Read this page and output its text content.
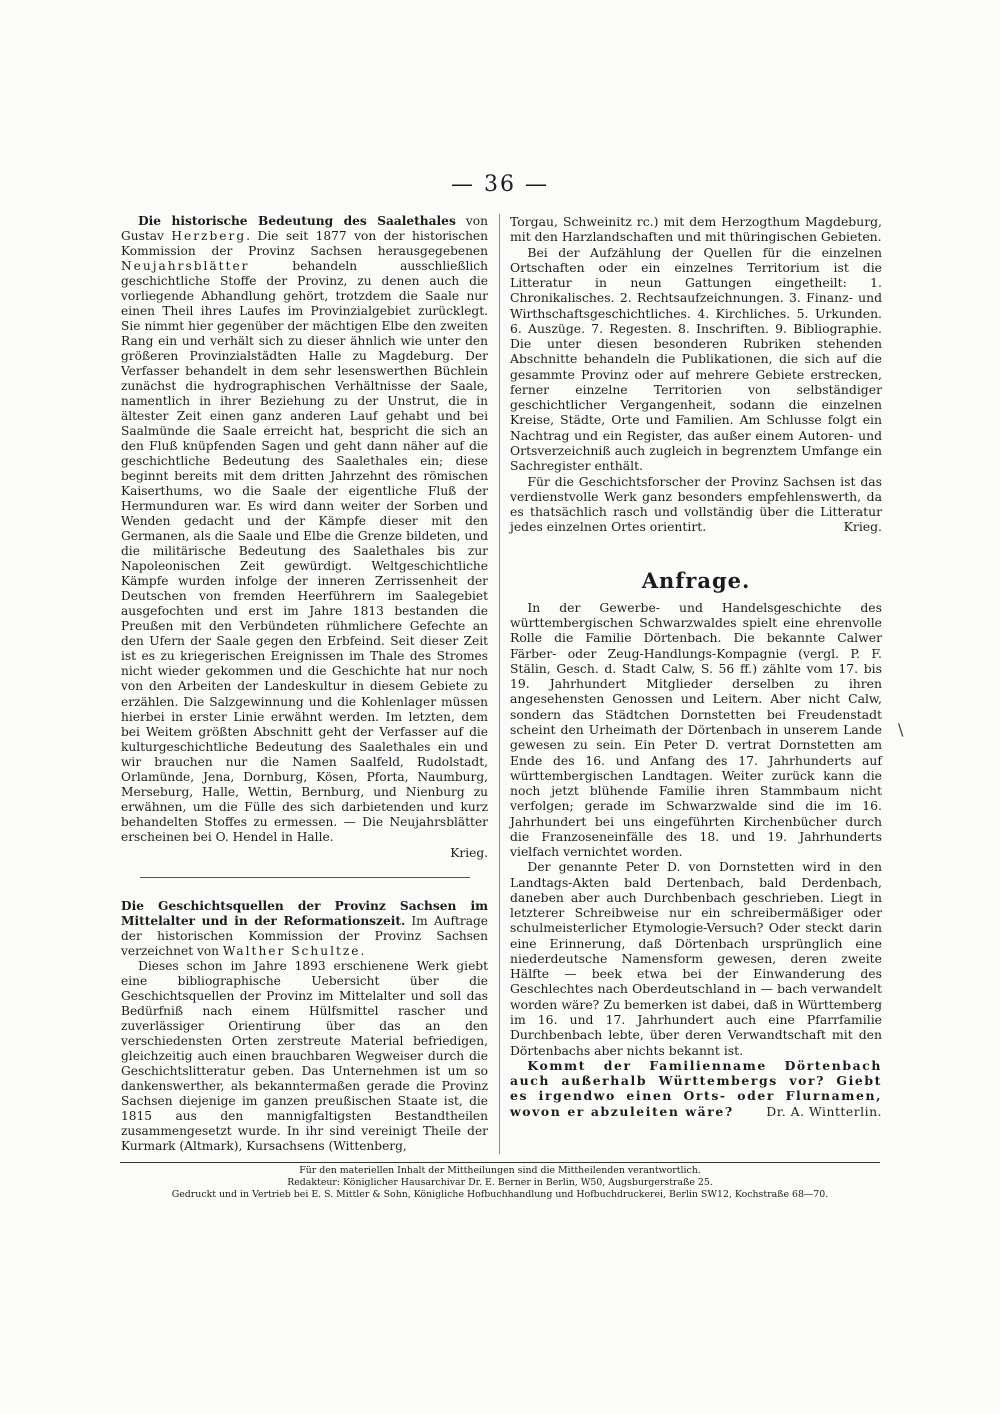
— 36 —

Die historische Bedeutung des Saalethales von Gustav Herzberg. Die seit 1877 von der historischen Kommission der Provinz Sachsen herausgegebenen Neujahrsblätter behandeln ausschließlich geschichtliche Stoffe der Provinz, zu denen auch die vorliegende Abhandlung gehört, trotzdem die Saale nur einen Theil ihres Laufes im Provinzialgebiet zurücklegt. Sie nimmt hier gegenüber der mächtigen Elbe den zweiten Rang ein und verhält sich zu dieser ähnlich wie unter den größeren Provinzialstädten Halle zu Magdeburg. Der Verfasser behandelt in dem sehr lesenswerthen Büchlein zunächst die hydrographischen Verhältnisse der Saale, namentlich in ihrer Beziehung zu der Unstrut, die in ältester Zeit einen ganz anderen Lauf gehabt und bei Saalmünde die Saale erreicht hat, bespricht die sich an den Fluß knüpfenden Sagen und geht dann näher auf die geschichtliche Bedeutung des Saalethales ein; diese beginnt bereits mit dem dritten Jahrzehnt des römischen Kaiserthums, wo die Saale der eigentliche Fluß der Hermunduren war. Es wird dann weiter der Sorben und Wenden gedacht und der Kämpfe dieser mit den Germanen, als die Saale und Elbe die Grenze bildeten, und die militärische Bedeutung des Saalethales bis zur Napoleonischen Zeit gewürdigt. Weltgeschichtliche Kämpfe wurden infolge der inneren Zerrissenheit der Deutschen von fremden Heerführern im Saalegebiet ausgefochten und erst im Jahre 1813 bestanden die Preußen mit den Verbündeten rühmlichere Gefechte an den Ufern der Saale gegen den Erbfeind. Seit dieser Zeit ist es zu kriegerischen Ereignissen im Thale des Stromes nicht wieder gekommen und die Geschichte hat nur noch von den Arbeiten der Landeskultur in diesem Gebiete zu erzählen. Die Salzgewinnung und die Kohlenlager müssen hierbei in erster Linie erwähnt werden. Im letzten, dem bei Weitem größten Abschnitt geht der Verfasser auf die kulturgeschichtliche Bedeutung des Saalethales ein und wir brauchen nur die Namen Saalfeld, Rudolstadt, Orlamünde, Jena, Dornburg, Kösen, Pforta, Naumburg, Merseburg, Halle, Wettin, Bernburg, und Nienburg zu erwähnen, um die Fülle des sich darbietenden und kurz behandelten Stoffes zu ermessen. — Die Neujahrsblätter erscheinen bei O. Hendel in Halle.

Krieg.

Die Geschichtsquellen der Provinz Sachsen im Mittelalter und in der Reformationszeit. Im Auftrage der historischen Kommission der Provinz Sachsen verzeichnet von Walther Schultze.

Dieses schon im Jahre 1893 erschienene Werk giebt eine bibliographische Uebersicht über die Geschichtsquellen der Provinz im Mittelalter und soll das Bedürfniß nach einem Hülfsmittel rascher und zuverlässiger Orientirung über das an den verschiedensten Orten zerstreute Material befriedigen, gleichzeitig auch einen brauchbaren Wegweiser durch die Geschichtslitteratur geben. Das Unternehmen ist um so dankenswerther, als bekanntermaßen gerade die Provinz Sachsen diejenige im ganzen preußischen Staate ist, die 1815 aus den mannigfaltigsten Bestandtheilen zusammengesetzt wurde. In ihr sind vereinigt Theile der Kurmark (Altmark), Kursachsens (Wittenberg,

Torgau, Schweinitz rc.) mit dem Herzogthum Magdeburg, mit den Harzlandschaften und mit thüringischen Gebieten.

Bei der Aufzählung der Quellen für die einzelnen Ortschaften oder ein einzelnes Territorium ist die Litteratur in neun Gattungen eingetheilt: 1. Chronikalisches. 2. Rechtsaufzeichnungen. 3. Finanz- und Wirthschaftsgeschichtliches. 4. Kirchliches. 5. Urkunden. 6. Auszüge. 7. Regesten. 8. Inschriften. 9. Bibliographie. Die unter diesen besonderen Rubriken stehenden Abschnitte behandeln die Publikationen, die sich auf die gesammte Provinz oder auf mehrere Gebiete erstrecken, ferner einzelne Territorien von selbständiger geschichtlicher Vergangenheit, sodann die einzelnen Kreise, Städte, Orte und Familien. Am Schlusse folgt ein Nachtrag und ein Register, das außer einem Autoren- und Ortsverzeichniß auch zugleich in begrenztem Umfange ein Sachregister enthält.

Für die Geschichtsforscher der Provinz Sachsen ist das verdienstvolle Werk ganz besonders empfehlenswerth, da es thatsächlich rasch und vollständig über die Litteratur jedes einzelnen Ortes orientirt.	Krieg.

Anfrage.

In der Gewerbe- und Handelsgeschichte des württembergischen Schwarzwaldes spielt eine ehrenvolle Rolle die Familie Dörtenbach. Die bekannte Calwer Färber- oder Zeug-Handlungs-Kompagnie (vergl. P. F. Stälin, Gesch. d. Stadt Calw, S. 56 ff.) zählte vom 17. bis 19. Jahrhundert Mitglieder derselben zu ihren angesehensten Genossen und Leitern. Aber nicht Calw, sondern das Städtchen Dornstetten bei Freudenstadt scheint den Urheimath der Dörtenbach in unserem Lande gewesen zu sein. Ein Peter D. vertrat Dornstetten am Ende des 16. und Anfang des 17. Jahrhunderts auf württembergischen Landtagen. Weiter zurück kann die noch jetzt blühende Familie ihren Stammbaum nicht verfolgen; gerade im Schwarzwalde sind die im 16. Jahrhundert bei uns eingeführten Kirchenbücher durch die Franzoseneinfälle des 18. und 19. Jahrhunderts vielfach vernichtet worden.

Der genannte Peter D. von Dornstetten wird in den Landtags-Akten bald Dertenbach, bald Derdenbach, daneben aber auch Durchbenbach geschrieben. Liegt in letzterer Schreibweise nur ein schreibermäßiger oder schulmeisterlicher Etymologie-Versuch? Oder steckt darin eine Erinnerung, daß Dörtenbach ursprünglich eine niederdeutsche Namensform gewesen, deren zweite Hälfte — beek etwa bei der Einwanderung des Geschlechtes nach Oberdeutschland in — bach verwandelt worden wäre? Zu bemerken ist dabei, daß in Württemberg im 16. und 17. Jahrhundert auch eine Pfarrfamilie Durchbenbach lebte, über deren Verwandtschaft mit den Dörtenbachs aber nichts bekannt ist.

Kommt der Familienname Dörtenbach auch außerhalb Württembergs vor? Giebt es irgendwo einen Orts- oder Flurnamen, wovon er abzuleiten wäre?	Dr. A. Wintterlin.

\
Für den materiellen Inhalt der Mittheilungen sind die Mittheilenden verantwortlich.
Redakteur: Königlicher Hausarchivar Dr. E. Berner in Berlin, W50, Augsburgerstraße 25.
Gedruckt und in Vertrieb bei E. S. Mittler & Sohn, Königliche Hofbuchhandlung und Hofbuchdruckerei, Berlin SW12, Kochstraße 68—70.
